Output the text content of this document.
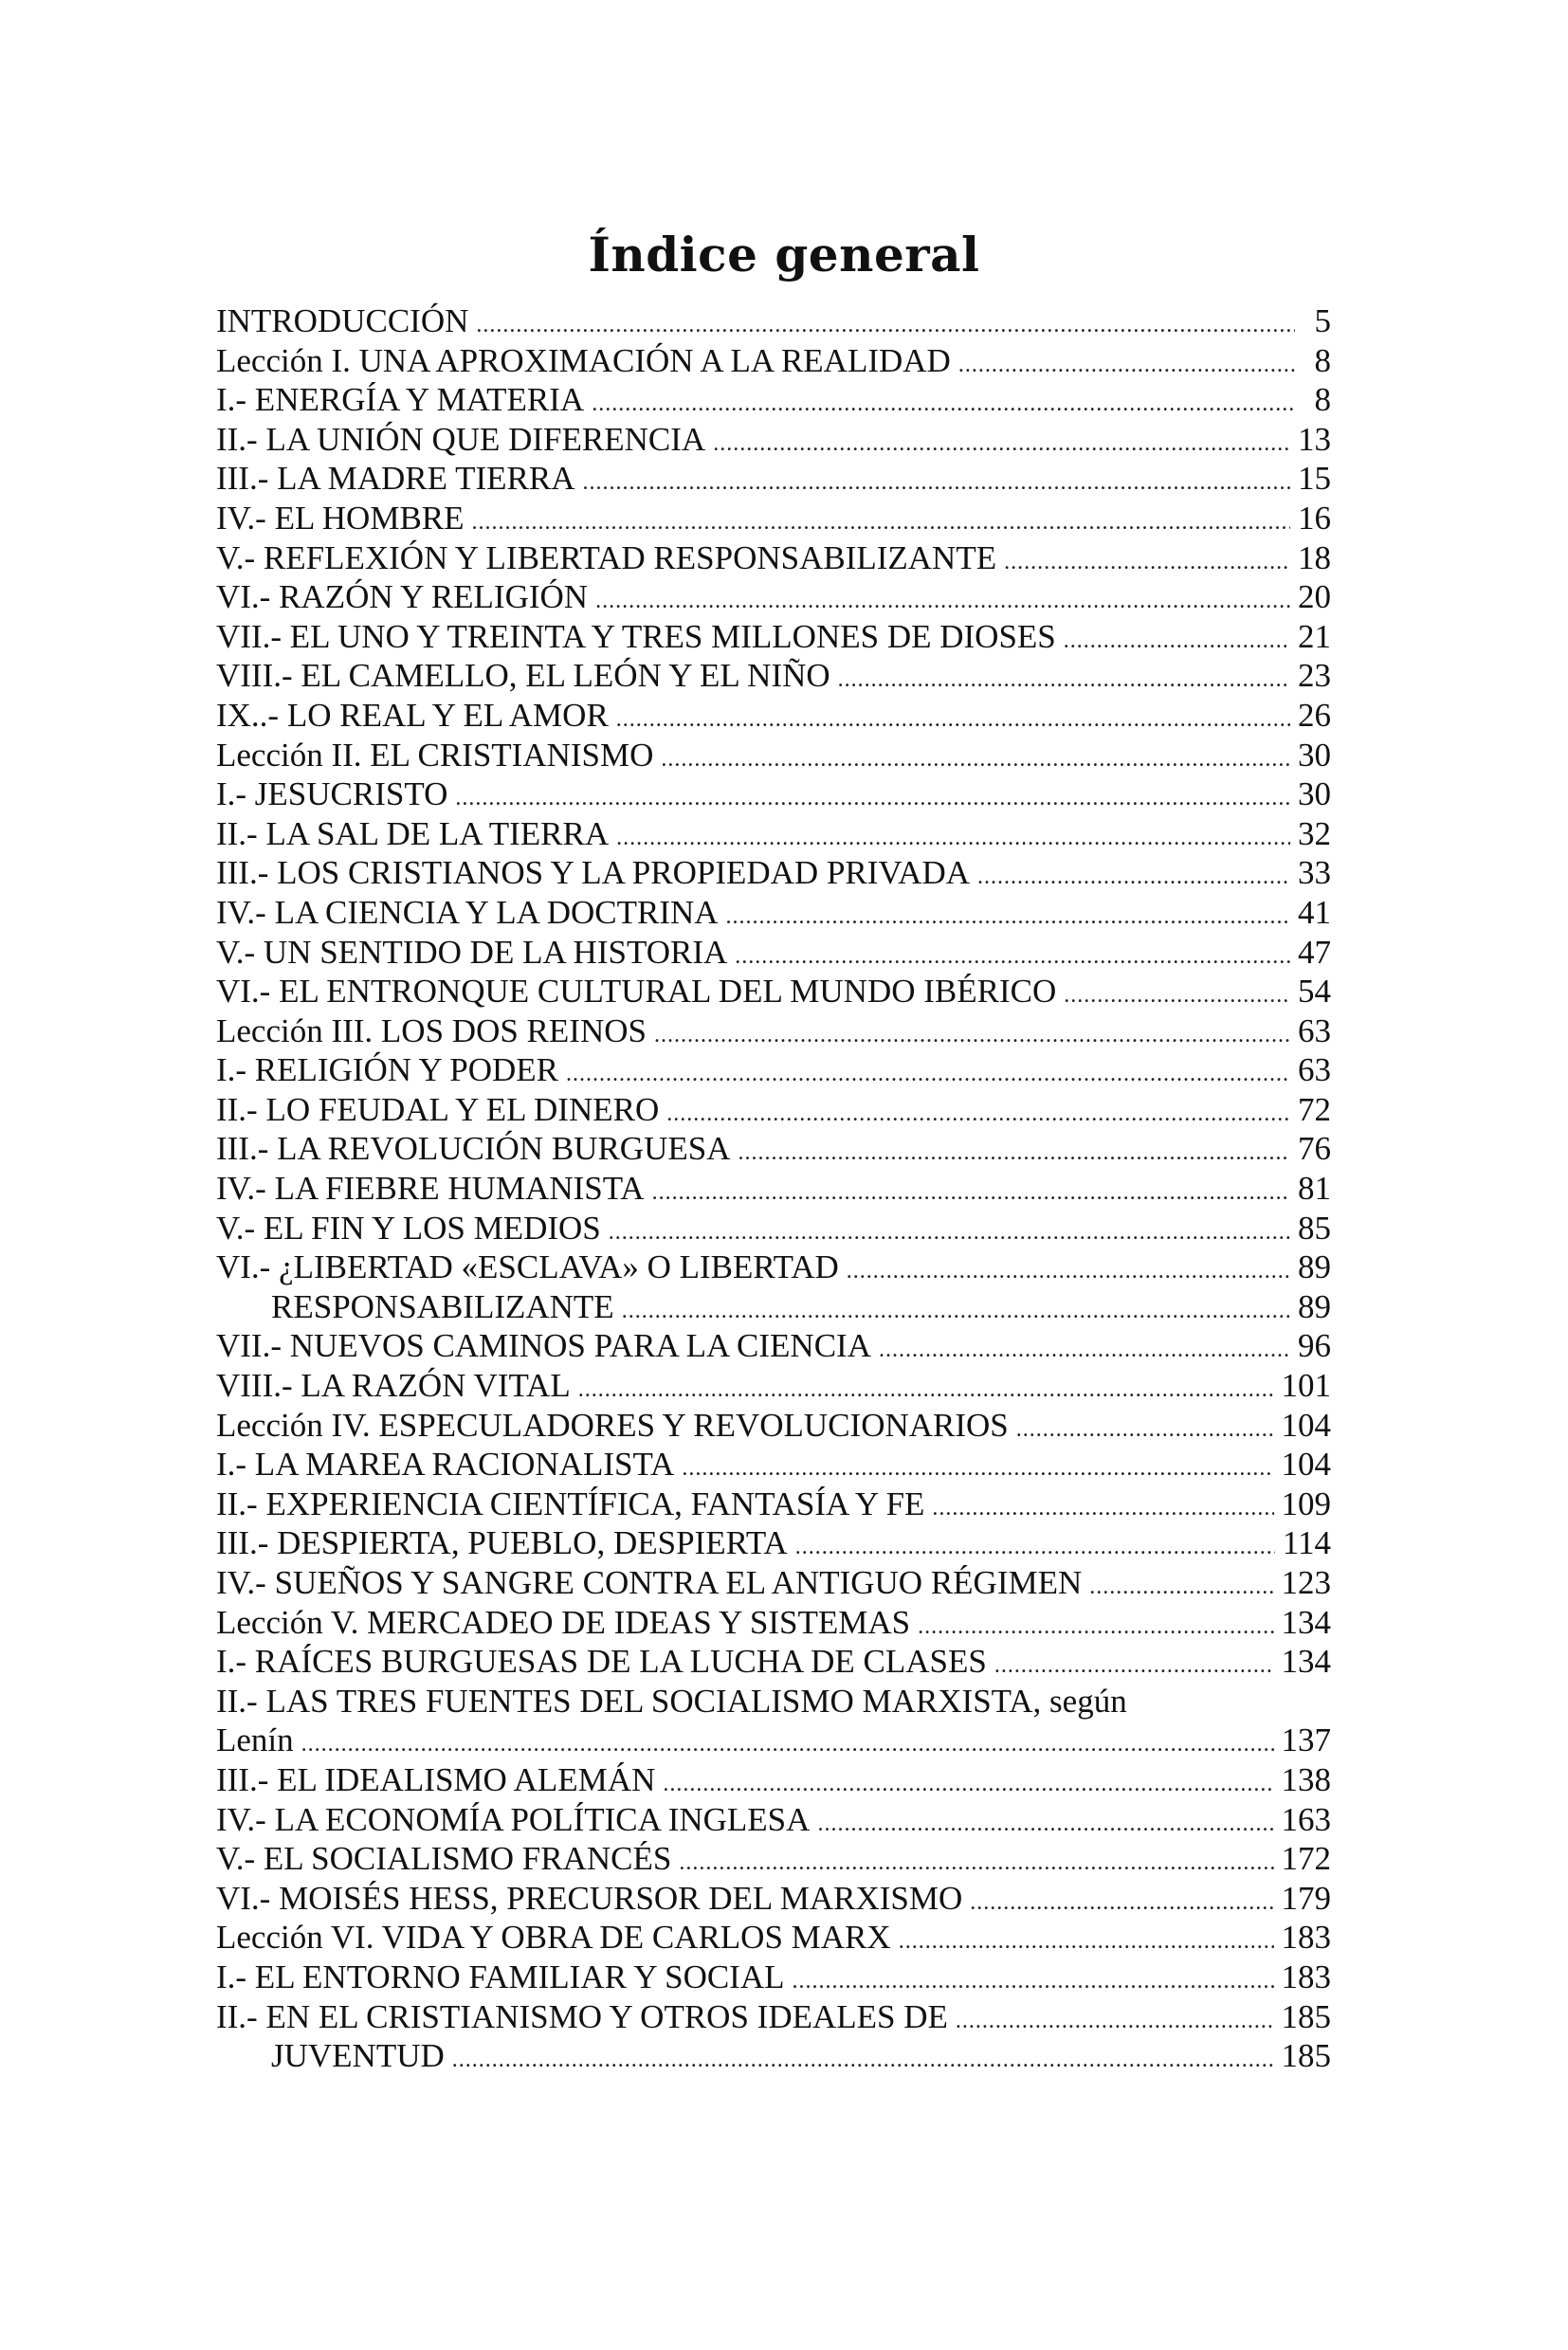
Índice general
INTRODUCCIÓN .....	5
Lección I. UNA APROXIMACIÓN A LA REALIDAD .....	8
I.- ENERGÍA Y MATERIA .....	8
II.- LA UNIÓN QUE DIFERENCIA .....	13
III.- LA MADRE TIERRA .....	15
IV.- EL HOMBRE .....	16
V.- REFLEXIÓN Y LIBERTAD RESPONSABILIZANTE .....	18
VI.- RAZÓN Y RELIGIÓN .....	20
VII.- EL UNO Y TREINTA Y TRES MILLONES DE DIOSES .....	21
VIII.- EL CAMELLO, EL LEÓN Y EL NIÑO .....	23
IX..- LO REAL Y EL AMOR .....	26
Lección II. EL CRISTIANISMO .....	30
I.- JESUCRISTO .....	30
II.- LA SAL DE LA TIERRA .....	32
III.- LOS CRISTIANOS Y LA PROPIEDAD PRIVADA .....	33
IV.- LA CIENCIA Y LA DOCTRINA .....	41
V.- UN SENTIDO DE LA HISTORIA .....	47
VI.- EL ENTRONQUE CULTURAL DEL MUNDO IBÉRICO .....	54
Lección III. LOS DOS REINOS .....	63
I.- RELIGIÓN Y PODER .....	63
II.- LO FEUDAL Y EL DINERO .....	72
III.- LA REVOLUCIÓN BURGUESA .....	76
IV.- LA FIEBRE HUMANISTA .....	81
V.- EL FIN Y LOS MEDIOS .....	85
VI.- ¿LIBERTAD «ESCLAVA» O LIBERTAD .....	89
RESPONSABILIZANTE .....	89
VII.- NUEVOS CAMINOS PARA LA CIENCIA .....	96
VIII.- LA RAZÓN VITAL .....	101
Lección IV. ESPECULADORES Y REVOLUCIONARIOS .....	104
I.- LA MAREA RACIONALISTA .....	104
II.- EXPERIENCIA CIENTÍFICA, FANTASÍA Y FE .....	109
III.- DESPIERTA, PUEBLO, DESPIERTA .....	114
IV.- SUEÑOS Y SANGRE CONTRA EL ANTIGUO RÉGIMEN .....	123
Lección V. MERCADEO DE IDEAS Y SISTEMAS .....	134
I.- RAÍCES BURGUESAS DE LA LUCHA DE CLASES .....	134
II.- LAS TRES FUENTES DEL SOCIALISMO MARXISTA, según
Lenín .....	137
III.- EL IDEALISMO ALEMÁN .....	138
IV.- LA ECONOMÍA POLÍTICA INGLESA .....	163
V.- EL SOCIALISMO FRANCÉS .....	172
VI.- MOISÉS HESS, PRECURSOR DEL MARXISMO .....	179
Lección VI. VIDA Y OBRA DE CARLOS MARX .....	183
I.- EL ENTORNO FAMILIAR Y SOCIAL .....	183
II.- EN EL CRISTIANISMO Y OTROS IDEALES DE .....	185
JUVENTUD .....	185
